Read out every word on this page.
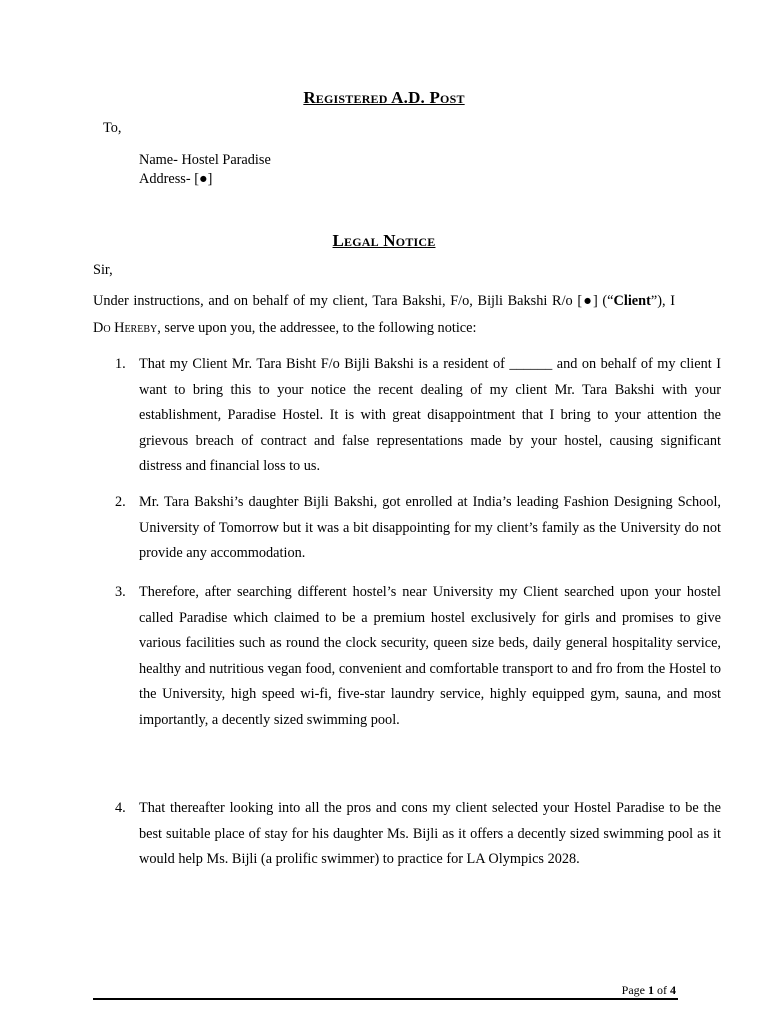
Registered A.D. Post
To,
Name- Hostel Paradise
Address- [●]
Legal Notice
Sir,
Under instructions, and on behalf of my client, Tara Bakshi, F/o, Bijli Bakshi R/o [●] (“Client”), I Do Hereby, serve upon you, the addressee, to the following notice:
1. That my Client Mr. Tara Bisht F/o Bijli Bakshi is a resident of ______ and on behalf of my client I want to bring this to your notice the recent dealing of my client Mr. Tara Bakshi with your establishment, Paradise Hostel. It is with great disappointment that I bring to your attention the grievous breach of contract and false representations made by your hostel, causing significant distress and financial loss to us.
2. Mr. Tara Bakshi’s daughter Bijli Bakshi, got enrolled at India’s leading Fashion Designing School, University of Tomorrow but it was a bit disappointing for my client’s family as the University do not provide any accommodation.
3. Therefore, after searching different hostel’s near University my Client searched upon your hostel called Paradise which claimed to be a premium hostel exclusively for girls and promises to give various facilities such as round the clock security, queen size beds, daily general hospitality service, healthy and nutritious vegan food, convenient and comfortable transport to and fro from the Hostel to the University, high speed wi-fi, five-star laundry service, highly equipped gym, sauna, and most importantly, a decently sized swimming pool.
4. That thereafter looking into all the pros and cons my client selected your Hostel Paradise to be the best suitable place of stay for his daughter Ms. Bijli as it offers a decently sized swimming pool as it would help Ms. Bijli (a prolific swimmer) to practice for LA Olympics 2028.
Page 1 of 4
